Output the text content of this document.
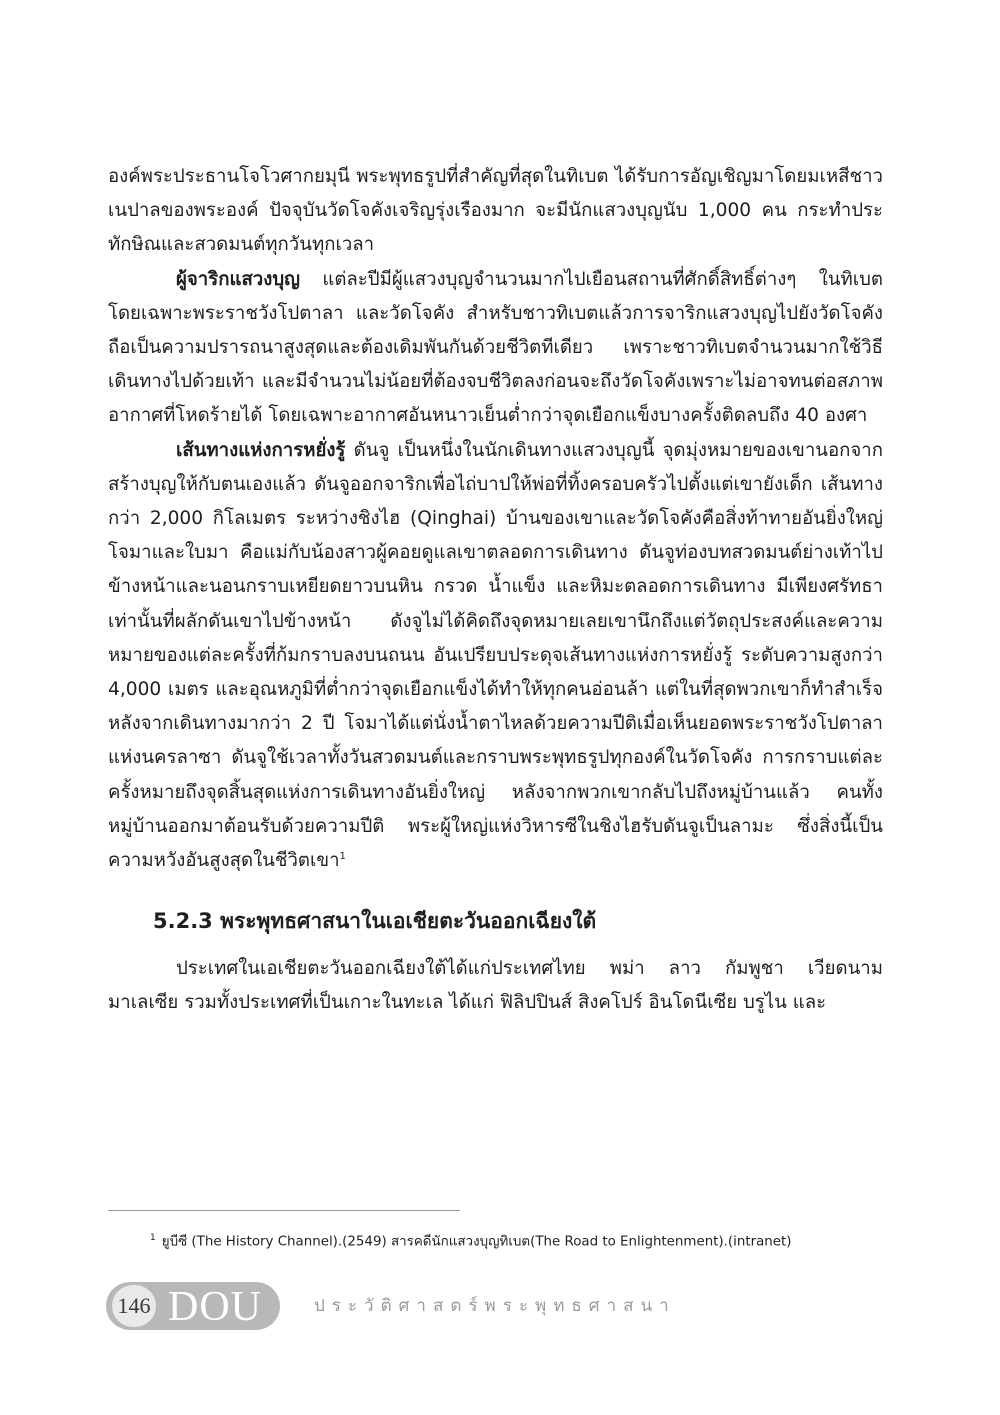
องค์พระประธานโจโวศากยมุนี พระพุทธรูปที่สำคัญที่สุดในทิเบต ได้รับการอัญเชิญมาโดยมเหสีชาวเนปาลของพระองค์ ปัจจุบันวัดโจคังเจริญรุ่งเรืองมาก จะมีนักแสวงบุญนับ 1,000 คน กระทำประทักษิณและสวดมนต์ทุกวันทุกเวลา

ผู้จาริกแสวงบุญ แต่ละปีมีผู้แสวงบุญจำนวนมากไปเยือนสถานที่ศักดิ์สิทธิ์ต่างๆ ในทิเบตโดยเฉพาะพระราชวังโปตาลา และวัดโจคัง สำหรับชาวทิเบตแล้วการจาริกแสวงบุญไปยังวัดโจคังถือเป็นความปรารถนาสูงสุดและต้องเดิมพันกันด้วยชีวิตทีเดียว เพราะชาวทิเบตจำนวนมากใช้วิธีเดินทางไปด้วยเท้า และมีจำนวนไม่น้อยที่ต้องจบชีวิตลงก่อนจะถึงวัดโจคังเพราะไม่อาจทนต่อสภาพอากาศที่โหดร้ายได้ โดยเฉพาะอากาศอันหนาวเย็นต่ำกว่าจุดเยือกแข็งบางครั้งติดลบถึง 40 องศา

เส้นทางแห่งการหยั่งรู้ ดันจู เป็นหนึ่งในนักเดินทางแสวงบุญนี้ จุดมุ่งหมายของเขานอกจากสร้างบุญให้กับตนเองแล้ว ดันจูออกจาริกเพื่อไถ่บาปให้พ่อที่ทิ้งครอบครัวไปตั้งแต่เขายังเด็ก เส้นทางกว่า 2,000 กิโลเมตร ระหว่างชิงไฮ (Qinghai) บ้านของเขาและวัดโจคังคือสิ่งท้าทายอันยิ่งใหญ่ โจมาและใบมา คือแม่กับน้องสาวผู้คอยดูแลเขาตลอดการเดินทาง ดันจูท่องบทสวดมนต์ย่างเท้าไปข้างหน้าและนอนกราบเหยียดยาวบนหิน กรวด น้ำแข็ง และหิมะตลอดการเดินทาง มีเพียงศรัทธาเท่านั้นที่ผลักดันเขาไปข้างหน้า ดังจูไม่ได้คิดถึงจุดหมายเลยเขานึกถึงแต่วัตถุประสงค์และความหมายของแต่ละครั้งที่ก้มกราบลงบนถนน อันเปรียบประดุจเส้นทางแห่งการหยั่งรู้ ระดับความสูงกว่า 4,000 เมตร และอุณหภูมิที่ต่ำกว่าจุดเยือกแข็งได้ทำให้ทุกคนอ่อนล้า แต่ในที่สุดพวกเขาก็ทำสำเร็จหลังจากเดินทางมากว่า 2 ปี โจมาได้แต่นั่งน้ำตาไหลด้วยความปีติเมื่อเห็นยอดพระราชวังโปตาลาแห่งนครลาซา ดันจูใช้เวลาทั้งวันสวดมนต์และกราบพระพุทธรูปทุกองค์ในวัดโจคัง การกราบแต่ละครั้งหมายถึงจุดสิ้นสุดแห่งการเดินทางอันยิ่งใหญ่ หลังจากพวกเขากลับไปถึงหมู่บ้านแล้ว คนทั้งหมู่บ้านออกมาต้อนรับด้วยความปีติ พระผู้ใหญ่แห่งวิหารซีในชิงไฮรับดันจูเป็นลามะ ซึ่งสิ่งนี้เป็นความหวังอันสูงสุดในชีวิตเขา$^1$

5.2.3 พระพุทธศาสนาในเอเชียตะวันออกเฉียงใต้

ประเทศในเอเชียตะวันออกเฉียงใต้ได้แก่ประเทศไทย พม่า ลาว กัมพูชา เวียดนาม มาเลเซีย รวมทั้งประเทศที่เป็นเกาะในทะเล ได้แก่ ฟิลิปปินส์ สิงคโปร์ อินโดนีเซีย บรูไน และ

$^1$ ยูบีซี (The History Channel).(2549) สารคดีนักแสวงบุญทิเบต(The Road to Enlightenment).(intranet)
146 DOU	ประวัติศาสตร์พระพุทธศาสนา
